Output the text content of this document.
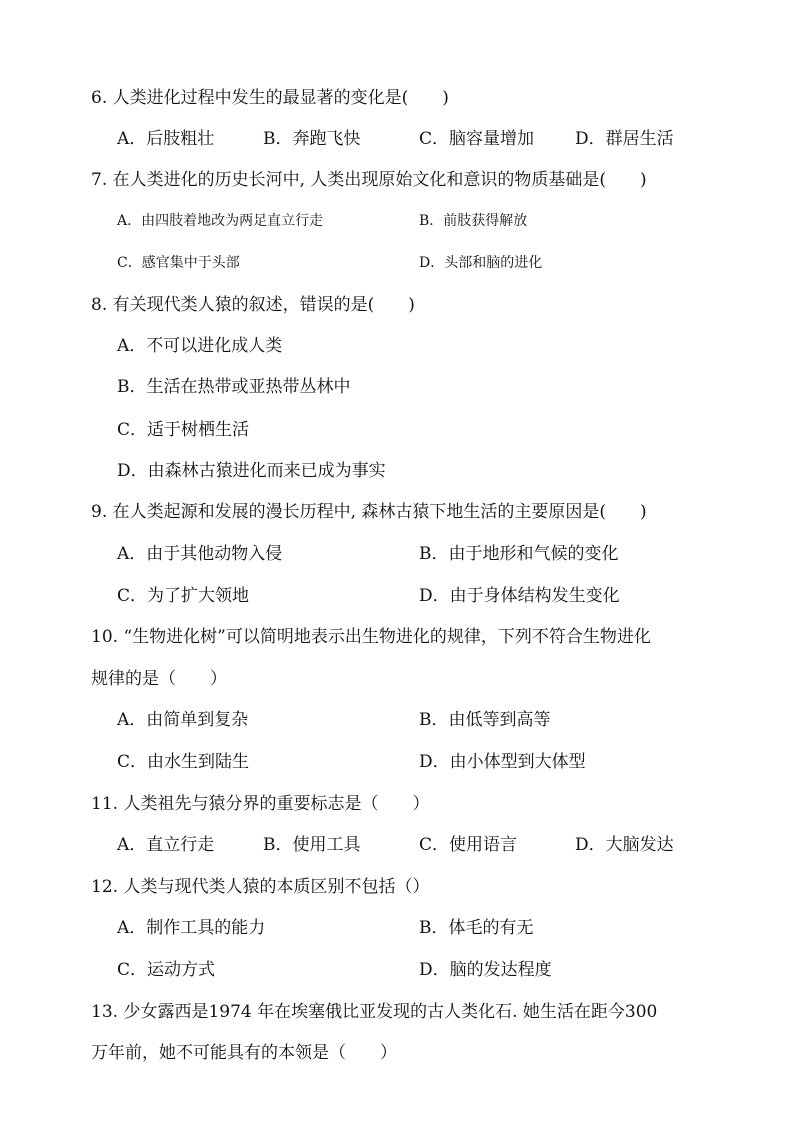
6. 人类进化过程中发生的最显著的变化是(　　)
A．后肢粗壮	B．奔跑飞快	C．脑容量增加 D．群居生活
7. 在人类进化的历史长河中, 人类出现原始文化和意识的物质基础是(　　)
A．由四肢着地改为两足直立行走	B．前肢获得解放
C．感官集中于头部	D．头部和脑的进化
8. 有关现代类人猿的叙述，错误的是(　　)
A．不可以进化成人类
B．生活在热带或亚热带丛林中
C．适于树栖生活
D．由森林古猿进化而来已成为事实
9. 在人类起源和发展的漫长历程中, 森林古猿下地生活的主要原因是(　　)
A．由于其他动物入侵	B．由于地形和气候的变化
C．为了扩大领地	D．由于身体结构发生变化
10. “生物进化树”可以简明地表示出生物进化的规律，下列不符合生物进化
规律的是（　　）
A．由简单到复杂	B．由低等到高等
C．由水生到陆生	D．由小体型到大体型
11. 人类祖先与猿分界的重要标志是（　　）
A．直立行走	B．使用工具	C．使用语言	D．大脑发达
12. 人类与现代类人猿的本质区别不包括（）
A．制作工具的能力	B．体毛的有无
C．运动方式	D．脑的发达程度
13. 少女露西是1974 年在埃塞俄比亚发现的古人类化石. 她生活在距今300
万年前，她不可能具有的本领是（　　）
